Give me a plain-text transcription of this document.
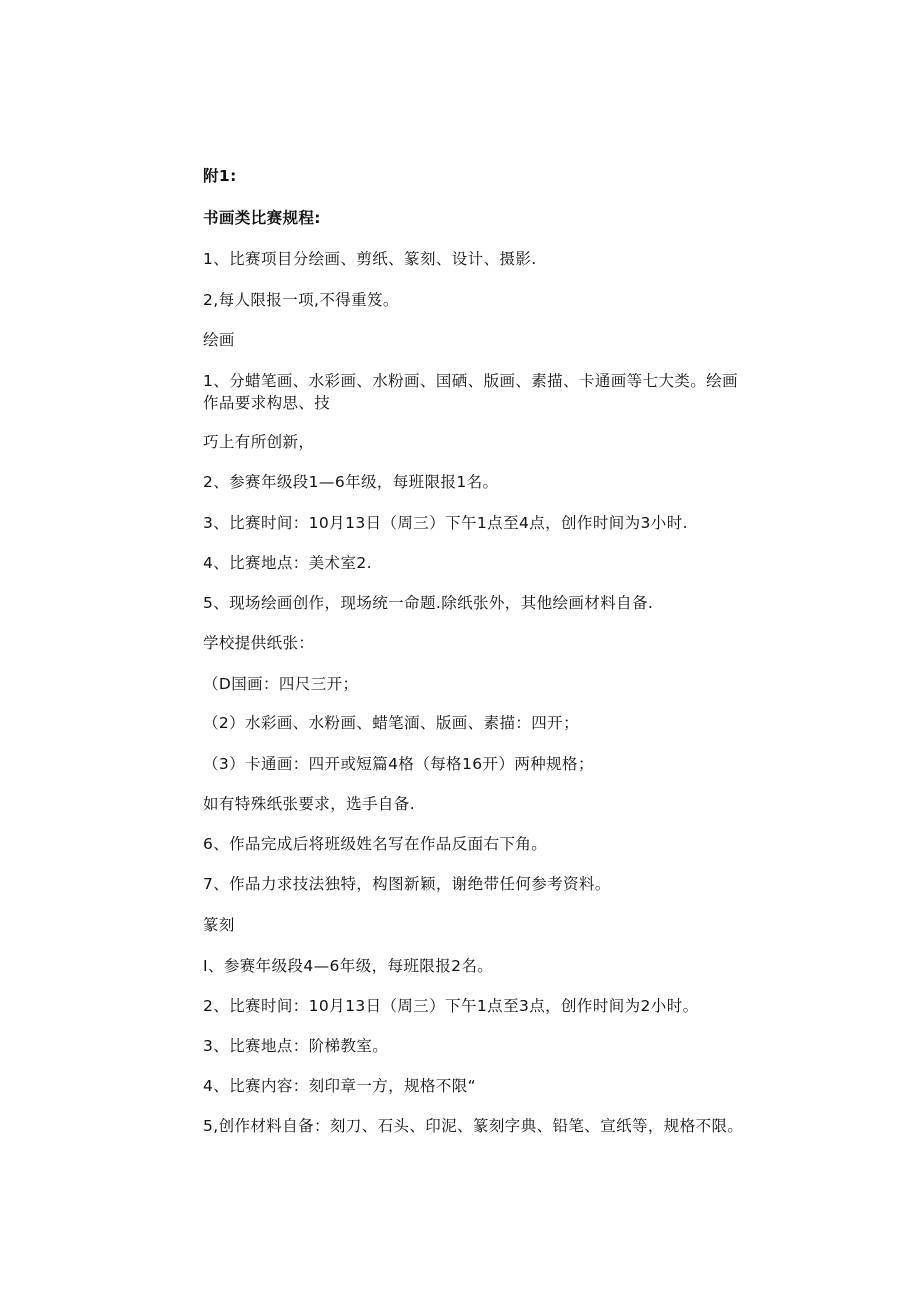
附1:
书画类比赛规程:
1、比赛项目分绘画、剪纸、篆刻、设计、摄影.
2,每人限报一项,不得重笈。
绘画
1、分蜡笔画、水彩画、水粉画、国硒、版画、素描、卡通画等七大类。绘画
作品要求构思、技
巧上有所创新，
2、参赛年级段1—6年级，每班限报1名。
3、比赛时间：10月13日（周三）下午1点至4点，创作时间为3小时.
4、比赛地点：美术室2.
5、现场绘画创作，现场统一命题.除纸张外，其他绘画材料自备.
学校提供纸张：
（D国画：四尺三开；
（2）水彩画、水粉画、蜡笔湎、版画、素描：四开；
（3）卡通画：四开或短篇4格（每格16开）两种规格；
如有特殊纸张要求，选手自备.
6、作品完成后将班级姓名写在作品反面右下角。
7、作品力求技法独特，构图新颖，谢绝带任何参考资料。
篆刻
I、参赛年级段4—6年级，每班限报2名。
2、比赛时间：10月13日（周三）下午1点至3点，创作时间为2小时。
3、比赛地点：阶梯教室。
4、比赛内容：刻印章一方，规格不限“
5,创作材料自备：刻刀、石头、印泥、篆刻字典、铅笔、宣纸等，规格不限。
